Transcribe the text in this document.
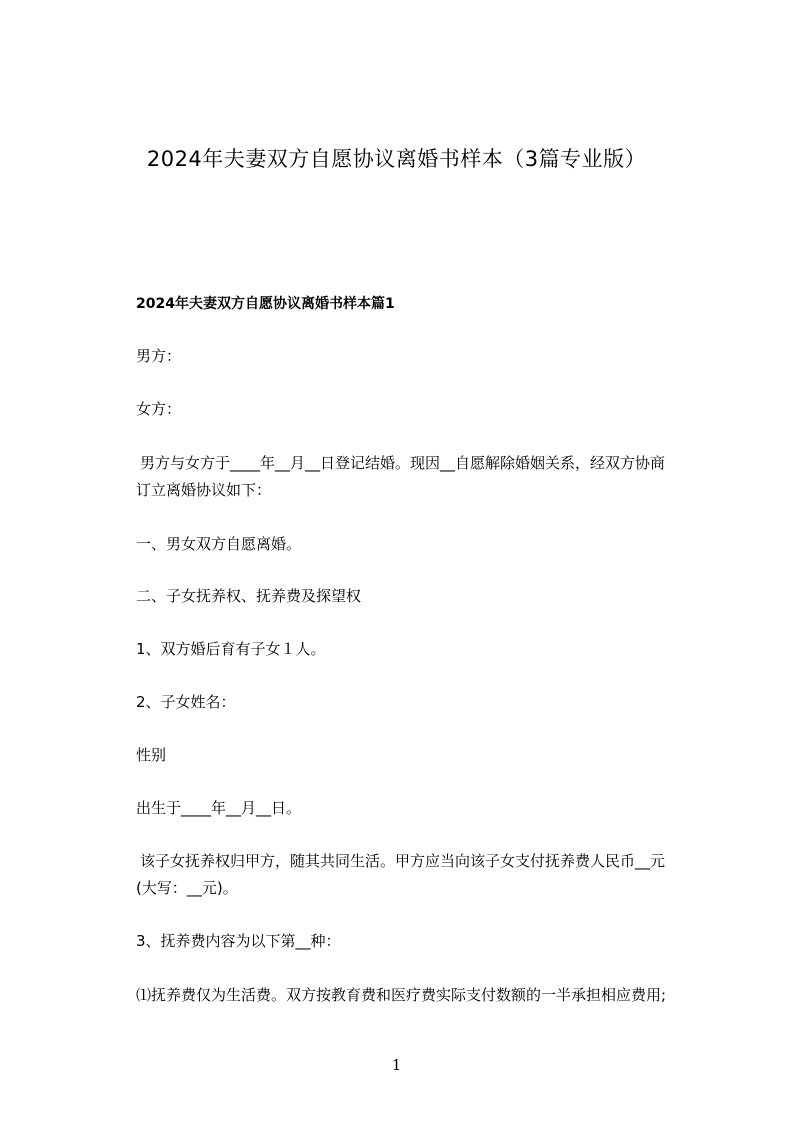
2024年夫妻双方自愿协议离婚书样本（3篇专业版）
2024年夫妻双方自愿协议离婚书样本篇1
男方：
女方：
男方与女方于____年__月__日登记结婚。现因__自愿解除婚姻关系，经双方协商
订立离婚协议如下：
一、男女双方自愿离婚。
二、子女抚养权、抚养费及探望权
1、双方婚后育有子女１人。
2、子女姓名：
性别
出生于____年__月__日。
该子女抚养权归甲方，随其共同生活。甲方应当向该子女支付抚养费人民币__元
(大写：__元)。
3、抚养费内容为以下第__种：
⑴抚养费仅为生活费。双方按教育费和医疗费实际支付数额的一半承担相应费用;
1
